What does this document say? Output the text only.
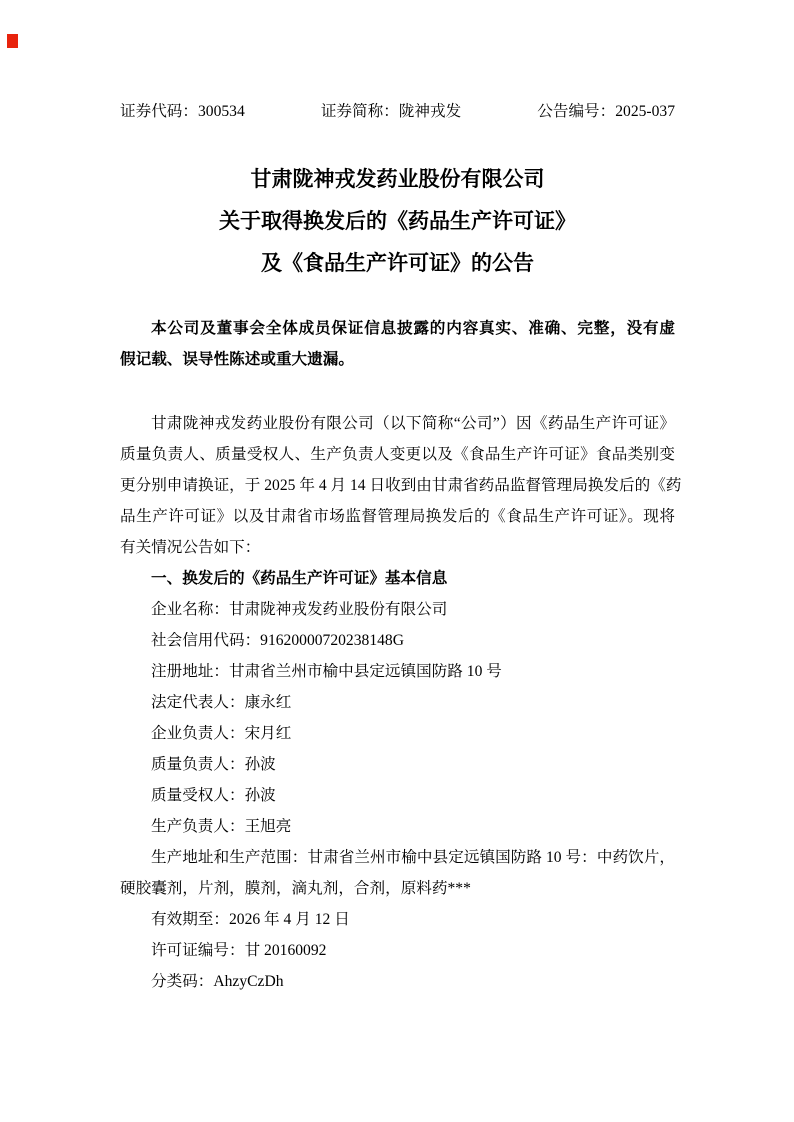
证券代码：300534	证券简称：陇神戎发	公告编号：2025-037
甘肃陇神戎发药业股份有限公司
关于取得换发后的《药品生产许可证》
及《食品生产许可证》的公告
本公司及董事会全体成员保证信息披露的内容真实、准确、完整，没有虚
假记载、误导性陈述或重大遗漏。
甘肃陇神戎发药业股份有限公司（以下简称“公司”）因《药品生产许可证》
质量负责人、质量受权人、生产负责人变更以及《食品生产许可证》食品类别变
更分别申请换证，于 2025 年 4 月 14 日收到由甘肃省药品监督管理局换发后的《药
品生产许可证》以及甘肃省市场监督管理局换发后的《食品生产许可证》。现将
有关情况公告如下：
一、换发后的《药品生产许可证》基本信息
企业名称：甘肃陇神戎发药业股份有限公司
社会信用代码：91620000720238148G
注册地址：甘肃省兰州市榆中县定远镇国防路 10 号
法定代表人：康永红
企业负责人：宋月红
质量负责人：孙波
质量受权人：孙波
生产负责人：王旭亮
生产地址和生产范围：甘肃省兰州市榆中县定远镇国防路 10 号：中药饮片，
硬胶囊剂，片剂，膜剂，滴丸剂，合剂，原料药***
有效期至：2026 年 4 月 12 日
许可证编号：甘 20160092
分类码：AhzyCzDh
